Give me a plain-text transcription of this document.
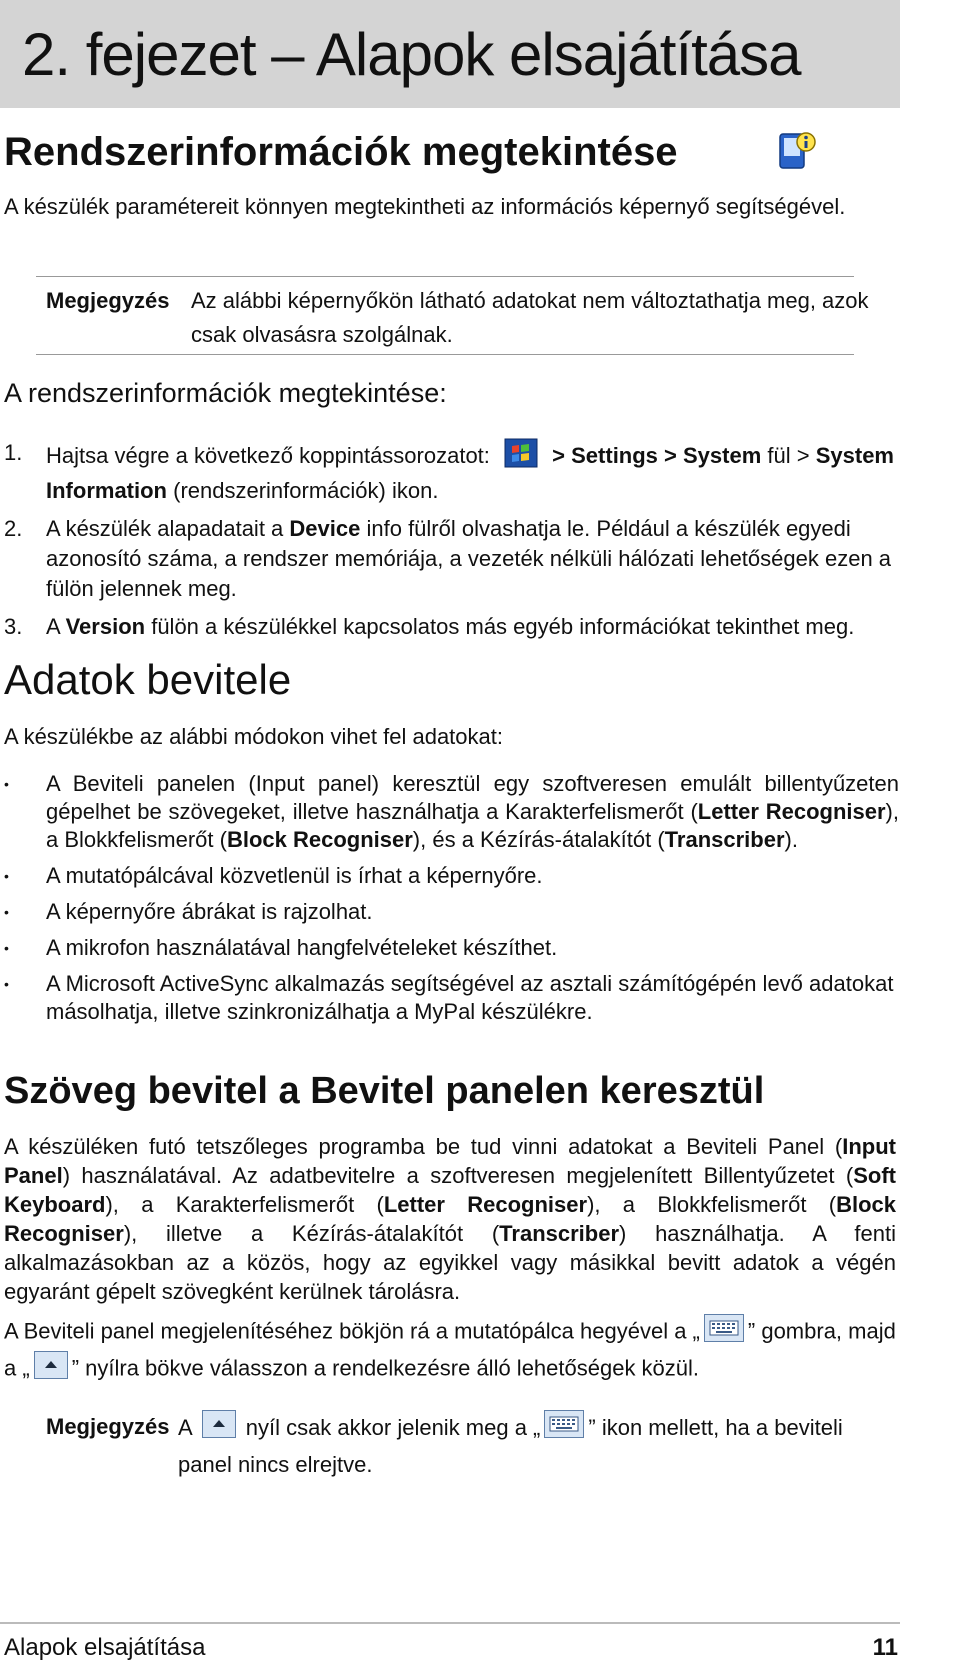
2. fejezet – Alapok elsajátítása
Rendszerinformációk megtekintése

A készülék paramétereit könnyen megtekintheti az információs képernyő segítségével.

Megjegyzés Az alábbi képernyőkön látható adatokat nem változtathatja meg, azok csak olvasásra szolgálnak.
A rendszerinformációk megtekintése:
1. Hajtsa végre a következő koppintássorozatot:	> Settings > System fül > System Information (rendszerinformációk) ikon.
2. A készülék alapadatait a Device info fülről olvashatja le. Például a készülék egyedi azonosító száma, a rendszer memóriája, a vezeték nélküli hálózati lehetőségek ezen a fülön jelennek meg.
3. A Version fülön a készülékkel kapcsolatos más egyéb információkat tekinthet meg.
Adatok bevitele

A készülékbe az alábbi módokon vihet fel adatokat:

• A Beviteli panelen (Input panel) keresztül egy szoftveresen emulált billentyűzeten gépelhet be szövegeket, illetve használhatja a Karakterfelismerőt (Letter Recogniser), a Blokkfelismerőt (Block Recogniser), és a Kézírás-átalakítót (Transcriber).
• A mutatópálcával közvetlenül is írhat a képernyőre.
• A képernyőre ábrákat is rajzolhat.
• A mikrofon használatával hangfelvételeket készíthet.
• A Microsoft ActiveSync alkalmazás segítségével az asztali számítógépén levő adatokat másolhatja, illetve szinkronizálhatja a MyPal készülékre.
Szöveg bevitel a Bevitel panelen keresztül

A készüléken futó tetszőleges programba be tud vinni adatokat a Beviteli Panel (Input Panel) használatával. Az adatbevitelre a szoftveresen megjelenített Billentyűzetet (Soft Keyboard), a Karakterfelismerőt (Letter Recogniser), a Blokkfelismerőt (Block Recogniser), illetve a Kézírás-átalakítót (Transcriber) használhatja. A fenti alkalmazásokban az a közös, hogy az egyikkel vagy másikkal bevitt adatok a végén egyaránt gépelt szövegként kerülnek tárolásra.

A Beviteli panel megjelenítéséhez bökjön rá a mutatópálca hegyével a „ ” gombra, majd a „ ” nyílra bökve válasszon a rendelkezésre álló lehetőségek közül.

Megjegyzés A nyíl csak akkor jelenik meg a „ ” ikon mellett, ha a beviteli panel nincs elrejtve.
Alapok elsajátítása	11
